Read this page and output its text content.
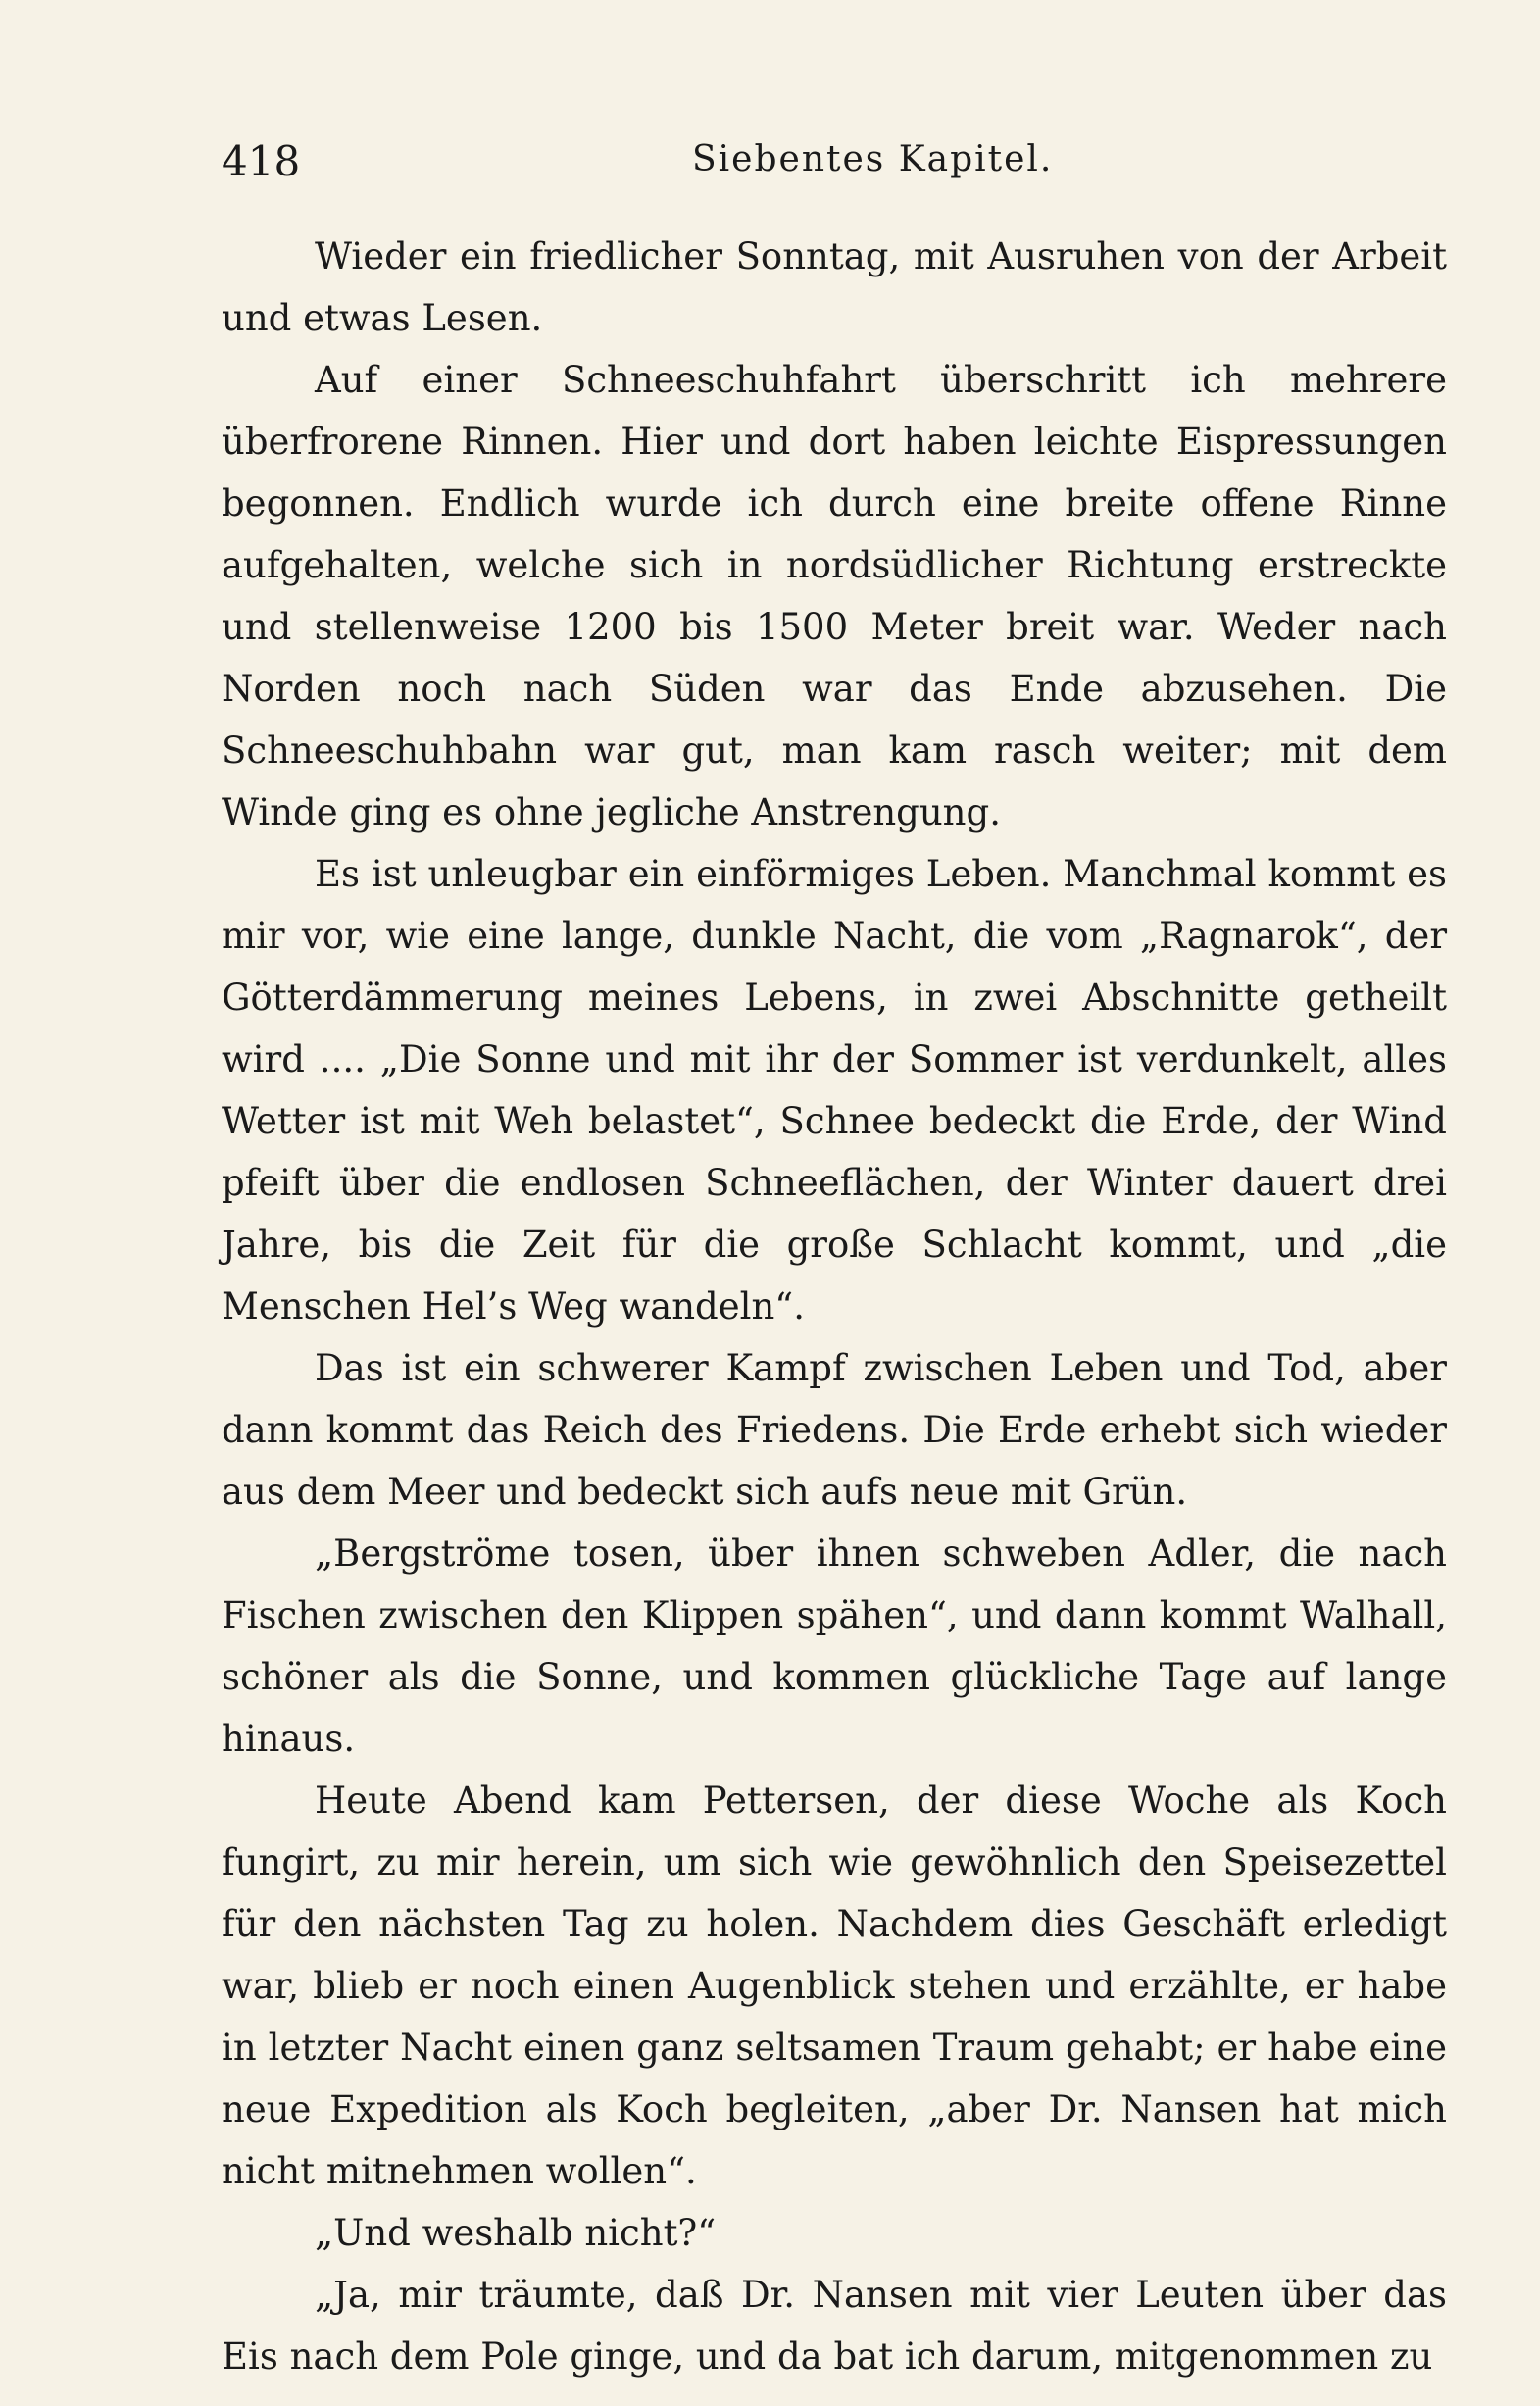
418	Siebentes Kapitel.

Wieder ein friedlicher Sonntag, mit Ausruhen von der Arbeit und etwas Lesen.

Auf einer Schneeschuhfahrt überschritt ich mehrere überfrorene Rinnen. Hier und dort haben leichte Eispressungen begonnen. Endlich wurde ich durch eine breite offene Rinne aufgehalten, welche sich in nordsüdlicher Richtung erstreckte und stellenweise 1200 bis 1500 Meter breit war. Weder nach Norden noch nach Süden war das Ende abzusehen. Die Schneeschuhbahn war gut, man kam rasch weiter; mit dem Winde ging es ohne jegliche Anstrengung.

Es ist unleugbar ein einförmiges Leben. Manchmal kommt es mir vor, wie eine lange, dunkle Nacht, die vom „Ragnarok“, der Götterdämmerung meines Lebens, in zwei Abschnitte getheilt wird .... „Die Sonne und mit ihr der Sommer ist verdunkelt, alles Wetter ist mit Weh belastet“, Schnee bedeckt die Erde, der Wind pfeift über die endlosen Schneeflächen, der Winter dauert drei Jahre, bis die Zeit für die große Schlacht kommt, und „die Menschen Hel’s Weg wandeln“.

Das ist ein schwerer Kampf zwischen Leben und Tod, aber dann kommt das Reich des Friedens. Die Erde erhebt sich wieder aus dem Meer und bedeckt sich aufs neue mit Grün.

„Bergströme tosen, über ihnen schweben Adler, die nach Fischen zwischen den Klippen spähen“, und dann kommt Walhall, schöner als die Sonne, und kommen glückliche Tage auf lange hinaus.

Heute Abend kam Pettersen, der diese Woche als Koch fungirt, zu mir herein, um sich wie gewöhnlich den Speisezettel für den nächsten Tag zu holen. Nachdem dies Geschäft erledigt war, blieb er noch einen Augenblick stehen und erzählte, er habe in letzter Nacht einen ganz seltsamen Traum gehabt; er habe eine neue Expedition als Koch begleiten, „aber Dr. Nansen hat mich nicht mitnehmen wollen“.

„Und weshalb nicht?“

„Ja, mir träumte, daß Dr. Nansen mit vier Leuten über das Eis nach dem Pole ginge, und da bat ich darum, mitgenommen zu
